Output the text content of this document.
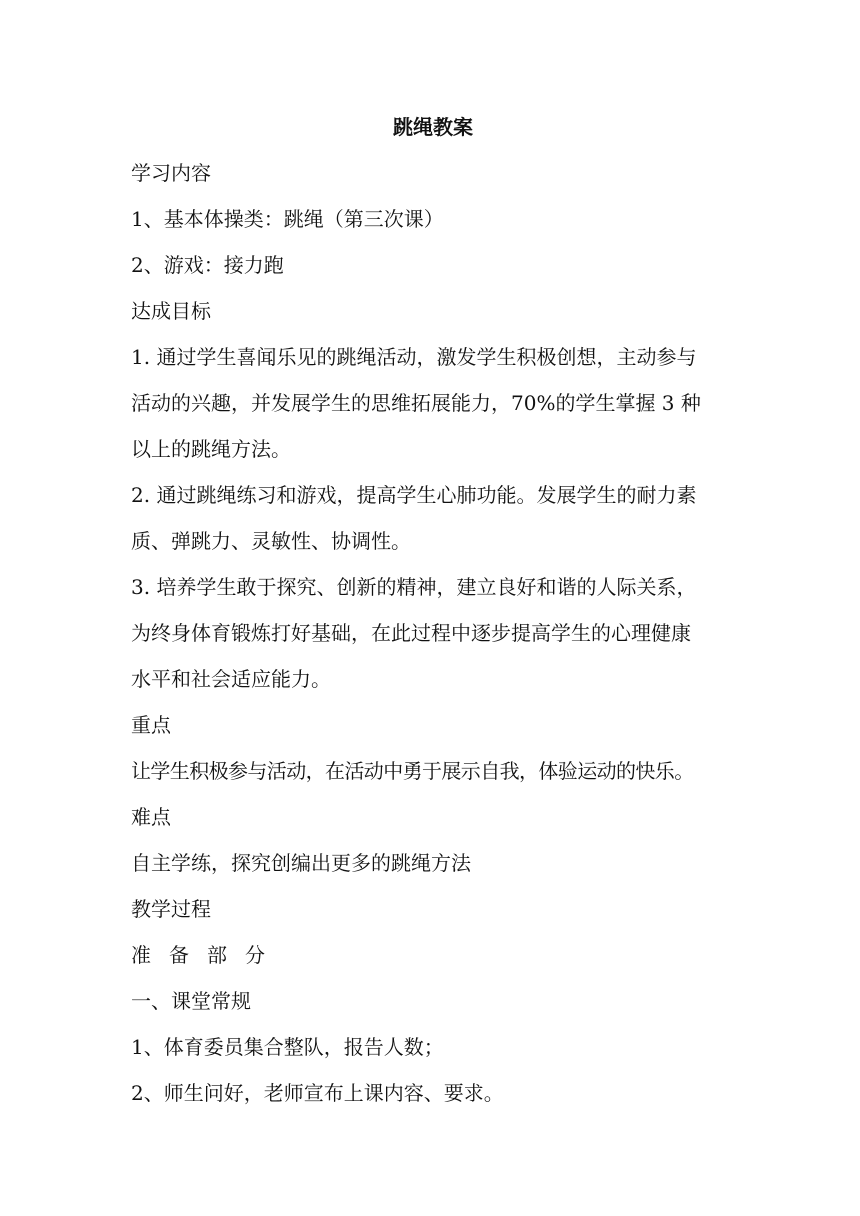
跳绳教案
学习内容
1、基本体操类：跳绳（第三次课）
2、游戏：接力跑
达成目标
1. 通过学生喜闻乐见的跳绳活动，激发学生积极创想，主动参与
活动的兴趣，并发展学生的思维拓展能力，70%的学生掌握 3 种
以上的跳绳方法。
2. 通过跳绳练习和游戏，提高学生心肺功能。发展学生的耐力素
质、弹跳力、灵敏性、协调性。
3. 培养学生敢于探究、创新的精神，建立良好和谐的人际关系，
为终身体育锻炼打好基础，在此过程中逐步提高学生的心理健康
水平和社会适应能力。
重点
让学生积极参与活动，在活动中勇于展示自我，体验运动的快乐。
难点
自主学练，探究创编出更多的跳绳方法
教学过程
准备部分
一、课堂常规
1、体育委员集合整队，报告人数；
2、师生问好，老师宣布上课内容、要求。
